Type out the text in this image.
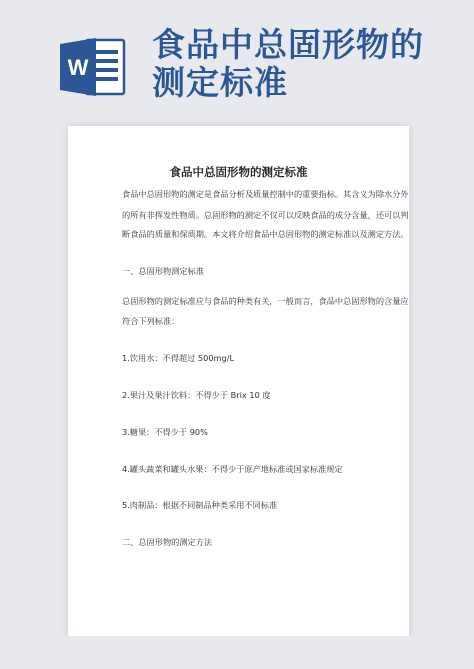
W
食品中总固形物的
测定标准
食品中总固形物的测定标准

食品中总固形物的测定是食品分析及质量控制中的重要指标。其含义为除水分外

的所有非挥发性物质。总固形物的测定不仅可以反映食品的成分含量，还可以判

断食品的质量和保质期。本文将介绍食品中总固形物的测定标准以及测定方法。

一、总固形物测定标准

总固形物的测定标准应与食品的种类有关，一般而言，食品中总固形物的含量应

符合下列标准：

1.饮用水：不得超过 500mg/L

2.果汁及果汁饮料：不得少于 Brix 10 度

3.糖果：不得少于 90%

4.罐头蔬菜和罐头水果：不得少于原产地标准或国家标准规定

5.肉制品：根据不同制品种类采用不同标准

二、总固形物的测定方法
